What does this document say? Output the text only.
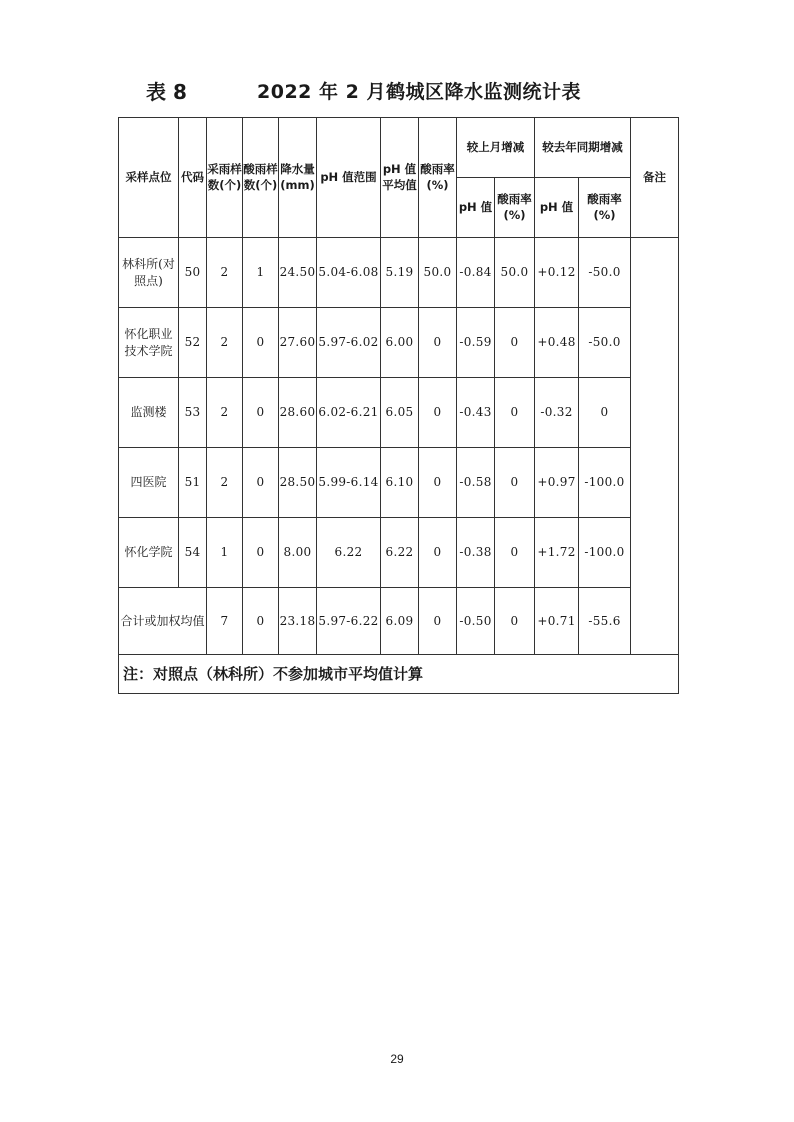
表 8	2022 年 2 月鹤城区降水监测统计表
采样点位	代码	采雨样数(个)	酸雨样数(个)	降水量(mm)	pH 值范围	pH 值平均值	酸雨率(%)	较上月增减		较去年同期增减		备注
								pH 值	酸雨率(%)	pH 值	酸雨率(%)	
林科所(对照点)	50	2	1	24.50	5.04-6.08	5.19	50.0	-0.84	50.0	+0.12	-50.0	
怀化职业技术学院	52	2	0	27.60	5.97-6.02	6.00	0	-0.59	0	+0.48	-50.0	
监测楼	53	2	0	28.60	6.02-6.21	6.05	0	-0.43	0	-0.32	0	
四医院	51	2	0	28.50	5.99-6.14	6.10	0	-0.58	0	+0.97	-100.0	
怀化学院	54	1	0	8.00	6.22	6.22	0	-0.38	0	+1.72	-100.0	
合计或加权均值		7	0	23.18	5.97-6.22	6.09	0	-0.50	0	+0.71	-55.6	
注：对照点（林科所）不参加城市平均值计算												
29
